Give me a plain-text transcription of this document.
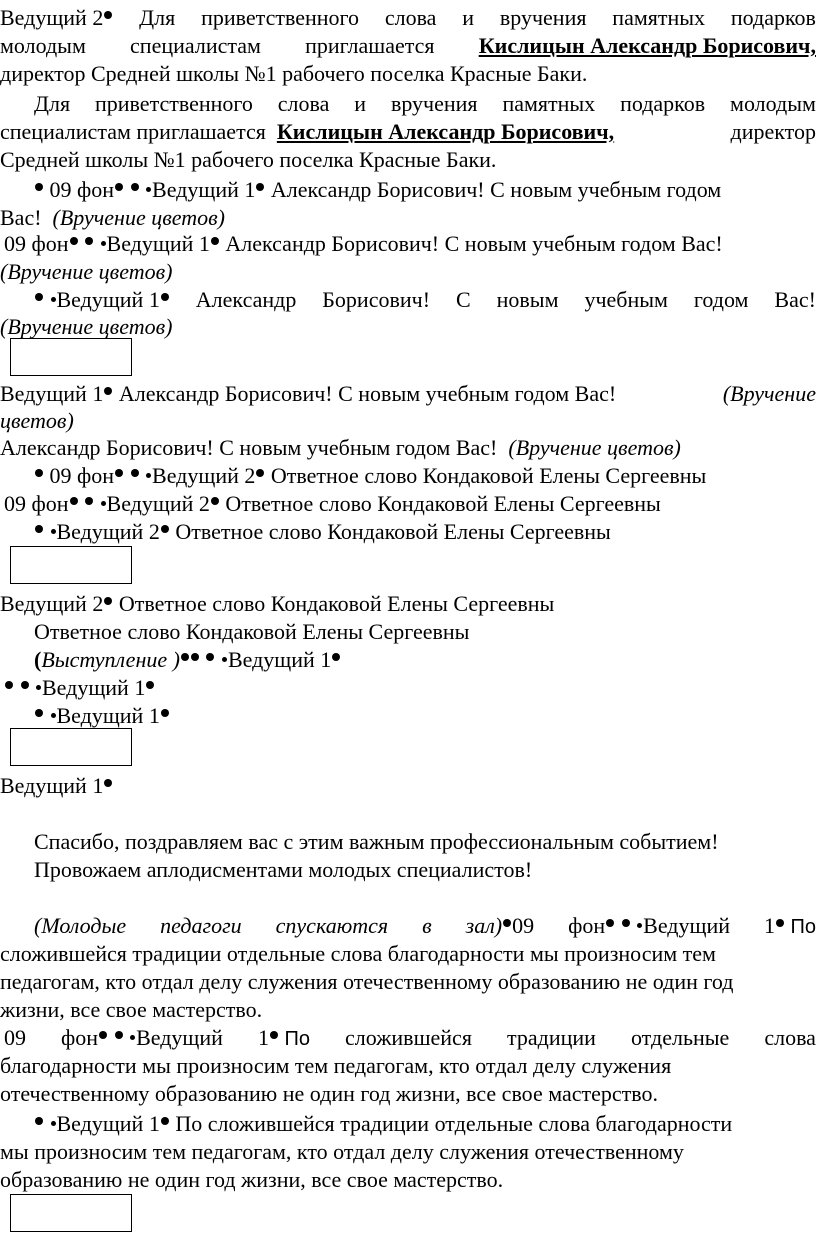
Ведущий 2	Для приветственного слова и вручения памятных подарков
молодым специалистам приглашается Кислицын Александр Борисович,
директор Средней школы №1 рабочего поселка Красные Баки.
Для приветственного слова и вручения памятных подарков молодым
специалистам приглашается Кислицын Александр Борисович,	директор
Средней школы №1 рабочего поселка Красные Баки.
09 фон Ведущий 1 Александр Борисович! С новым учебным годом
Вас! (Вручение цветов)
09 фон Ведущий 1 Александр Борисович! С новым учебным годом Вас!
(Вручение цветов)
Ведущий 1	Александр Борисович! С новым учебным годом Вас!
(Вручение цветов)
Ведущий 1 Александр Борисович! С новым учебным годом Вас!	(Вручение
цветов)
Александр Борисович! С новым учебным годом Вас! (Вручение цветов)
09 фон Ведущий 2 Ответное слово Кондаковой Елены Сергеевны
09 фон Ведущий 2 Ответное слово Кондаковой Елены Сергеевны
Ведущий 2 Ответное слово Кондаковой Елены Сергеевны
Ведущий 2 Ответное слово Кондаковой Елены Сергеевны
Ответное слово Кондаковой Елены Сергеевны
(Выступление ) Ведущий 1
Ведущий 1
Ведущий 1
Ведущий 1
Спасибо, поздравляем вас с этим важным профессиональным событием!
Провожаем аплодисментами молодых специалистов!
(Молодые педагоги спускаются в зал) 09 фон Ведущий 1 По
сложившейся традиции отдельные слова благодарности мы произносим тем
педагогам, кто отдал делу служения отечественному образованию не один год
жизни, все свое мастерство.
09 фон Ведущий 1 По сложившейся традиции отдельные слова
благодарности мы произносим тем педагогам, кто отдал делу служения
отечественному образованию не один год жизни, все свое мастерство.
Ведущий 1 По сложившейся традиции отдельные слова благодарности
мы произносим тем педагогам, кто отдал делу служения отечественному
образованию не один год жизни, все свое мастерство.
